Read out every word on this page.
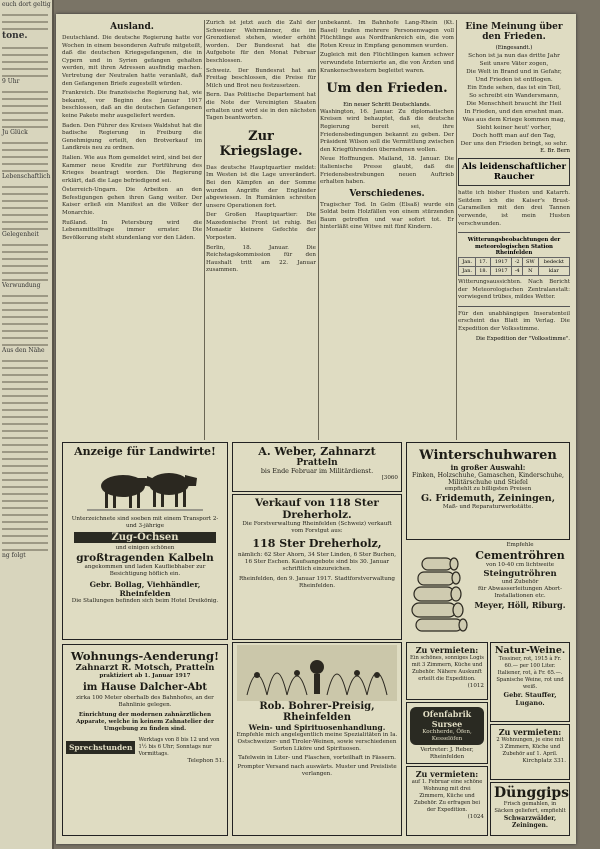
euch dort geltig
tone.
9 Uhr
Ju Glück
Lebenschaftlich
Gelegenheit
Verwundung
Aus den Nähe
ng folgt
Ausland.

Deutschland. Die deutsche Regierung hatte vor Wochen in einem besonderen Aufrufe mitgeteilt, daß die deutschen Kriegsgefangenen, die in Cypern und in Syrien gefangen gehalten werden, mit ihren Adressen ausfindig machen. Vertretung der Neutralen hatte veranlaßt, daß den Gefangenen Briefe zugestellt würden.

Frankreich. Die französische Regierung hat, wie bekannt, vor Beginn des Januar 1917 beschlossen, daß an die deutschen Gefangenen keine Pakete mehr ausgeliefert werden.

Baden. Den Führer des Kreises Waldshut hat die badische Regierung in Freiburg die Genehmigung erteilt, den Brotverkauf im Landkreis neu zu ordnen.

Italien. Wie aus Rom gemeldet wird, sind bei der Kammer neue Kredite zur Fortführung des Krieges beantragt worden. Die Regierung erklärt, daß die Lage befriedigend sei.

Österreich-Ungarn. Die Arbeiten an den Befestigungen gehen ihren Gang weiter. Der Kaiser erließ ein Manifest an die Völker der Monarchie.

Rußland. In Petersburg wird die Lebensmittelfrage immer ernster. Die Bevölkerung steht stundenlang vor den Läden.

Zurich ist jetzt auch die Zahl der Schweizer Wehrmänner, die im Grenzdienst stehen, wieder erhöht worden. Der Bundesrat hat die Aufgebote für den Monat Februar beschlossen.

Schweiz. Der Bundesrat hat am Freitag beschlossen, die Preise für Milch und Brot neu festzusetzen.

Bern. Das Politische Departement hat die Note der Vereinigten Staaten erhalten und wird sie in den nächsten Tagen beantworten.

Zur Kriegslage.

Das deutsche Hauptquartier meldet: Im Westen ist die Lage unverändert. Bei den Kämpfen an der Somme wurden Angriffe der Engländer abgewiesen. In Rumänien schreiten unsere Operationen fort.

Der Großen Hauptquartier: Die Mazedonische Front ist ruhig. Bei Monastir kleinere Gefechte der Vorposten.

Berlin, 18. Januar. Die Reichstagskommission für den Haushalt tritt am 22. Januar zusammen.

unbekannt. Im Bahnhofe Lang-Rhein (Kt. Basel) trafen mehrere Personenwagen voll Flüchtlinge aus Nordfrankreich ein, die vom Roten Kreuz in Empfang genommen wurden.

Zugleich mit den Flüchtlingen kamen schwer verwundete Internierte an, die von Ärzten und Krankenschwestern begleitet waren.

Um den Frieden.
Ein neuer Schritt Deutschlands.

Washington, 16. Januar. Zu diplomatischen Kreisen wird behauptet, daß die deutsche Regierung bereit sei, ihre Friedensbedingungen bekannt zu geben. Der Präsident Wilson soll die Vermittlung zwischen den Kriegführenden übernehmen wollen.

Neue Hoffnungen. Mailand, 18. Januar. Die italienische Presse glaubt, daß die Friedensbestrebungen neuen Auftrieb erhalten haben.

Verschiedenes.

Tragischer Tod. In Gelm (Elsaß) wurde ein Soldat beim Holzfällen von einem stürzenden Baum getroffen und war sofort tot. Er hinterläßt eine Witwe mit fünf Kindern.

Eine Meinung über den Frieden.
(Eingesandt.)
Schon ist ja nun das dritte Jahr
Seit unsre Väter zogen,
Die Welt in Brand und in Gefahr,
Und Frieden ist entflogen.
Ein Ende sehen, das ist ein Teil,
So schreibt ein Wandersmann,
Die Menschheit braucht ihr Heil
In Frieden, und den ersehnt man.
Was aus dem Kriege kommen mag,
Sieht keiner heut' vorher,
Doch hofft man auf den Tag,
Der uns den Frieden bringt, so sehr.
E. Br. Bern
Als leidenschaftlicher Raucher

hatte ich bisher Husten und Katarrh. Seitdem ich die Kaiser's Brust-Caramellen mit den drei Tannen verwende, ist mein Husten verschwunden.

Witterungsbeobachtungen der meteorologischen Station Rheinfelden
Jan.	17.	1917	-2	SW	bedeckt
Jan.	18.	1917	-4	N	klar

Witterungsaussichten. Nach Bericht der Meteorologischen Zentralanstalt: vorwiegend trübes, mildes Wetter.

Für den unabhängigen Inseratenteil erscheint das Blatt im Verlag. Die Expedition der Volksstimme.

Die Expedition der "Volksstimme".
Anzeige für Landwirte!
Unterzeichnete sind soeben mit einem Transport 2- und 3-jährige
Zug-Ochsen
und einigen schönen
großtragenden Kalbeln
angekommen und laden Kaufliebhaber zur Besichtigung höflich ein.
Gebr. Bollag, Viehhändler, Rheinfelden
Die Stallungen befinden sich beim Hotel Dreikönig.
A. Weber, Zahnarzt
Pratteln
bis Ende Februar im Militärdienst.
[3060
Verkauf von 118 Ster Dreherholz.
Die Forstverwaltung Rheinfelden (Schweiz) verkauft vom Forstgut aus:
118 Ster Dreherholz,
nämlich: 62 Ster Ahorn, 34 Ster Linden, 6 Ster Buchen, 16 Ster Eschen. Kaufsangebote sind bis 30. Januar schriftlich einzureichen.
Rheinfelden, den 9. Januar 1917. Stadtforstverwaltung Rheinfelden.
Winterschuhwaren
in großer Auswahl:
Finken, Holzschuhe, Gamaschen, Kinderschuhe, Militärschuhe und Stiefel
empfiehlt zu billigsten Preisen
G. Fridemuth, Zeiningen,
Maß- und Reparaturwerkstätte.
Empfehle
Cementröhren
von 10-40 cm lichtweite
Steingutröhren
und Zubehör
für Abwasserleitungen Abort-Installationen etc.
Meyer, Höll, Riburg.
Wohnungs-Aenderung!
Zahnarzt R. Motsch, Pratteln
praktiziert ab 1. Januar 1917
im Hause Dalcher-Abt
zirka 100 Meter oberhalb des Bahnhofes, an der Bahnlinie gelegen.
Einrichtung der modernen zahnärztlichen Apparate, welche in keinem Zahnatelier der Umgebung zu finden sind.
Sprechstunden
Werktags von 8 bis 12 und von 1½ bis 6 Uhr; Sonntags nur Vormittags.
Telephon 51.
Rob. Bohrer-Preisig, Rheinfelden
Wein- und Spirituosenhandlung.
Empfehle mich angelegentlich meine Spezialitäten in Ia. Ostschweizer- und Tiroler-Weinen, sowie verschiedenen Sorten Liköre und Spirituosen.
Tafelwein in Liter- und Flaschen, vorteilhaft in Fässern.
Prompter Versand nach auswärts. Muster und Preisliste verlangen.
Zu vermieten:
Ein schönes, sonniges Logis mit 3 Zimmern, Küche und Zubehör. Nähere Auskunft erteilt die Expedition.
(1012
Ofenfabrik Sursee
Kochherde, Öfen, Kesselöfen
Vertreter: J. Reber, Rheinfelden
Zu vermieten:
auf 1. Februar eine schöne Wohnung mit drei Zimmern, Küche und Zubehör. Zu erfragen bei der Expedition.
(1024
Natur-Weine.
Tessiner, rot, 1915 à Fr. 60.— per 100 Liter. Italiener, rot, à Fr. 65.—. Spanische Weine, rot und weiß.
Gebr. Stauffer, Lugano.
Zu vermieten:
2 Wohnungen, je eine mit 3 Zimmern, Küche und Zubehör auf 1. April.
Kirchplatz 331.
Dünggips
Frisch gemahlen, in Säcken geliefert, empfiehlt
Schwarzwälder, Zeiningen.
